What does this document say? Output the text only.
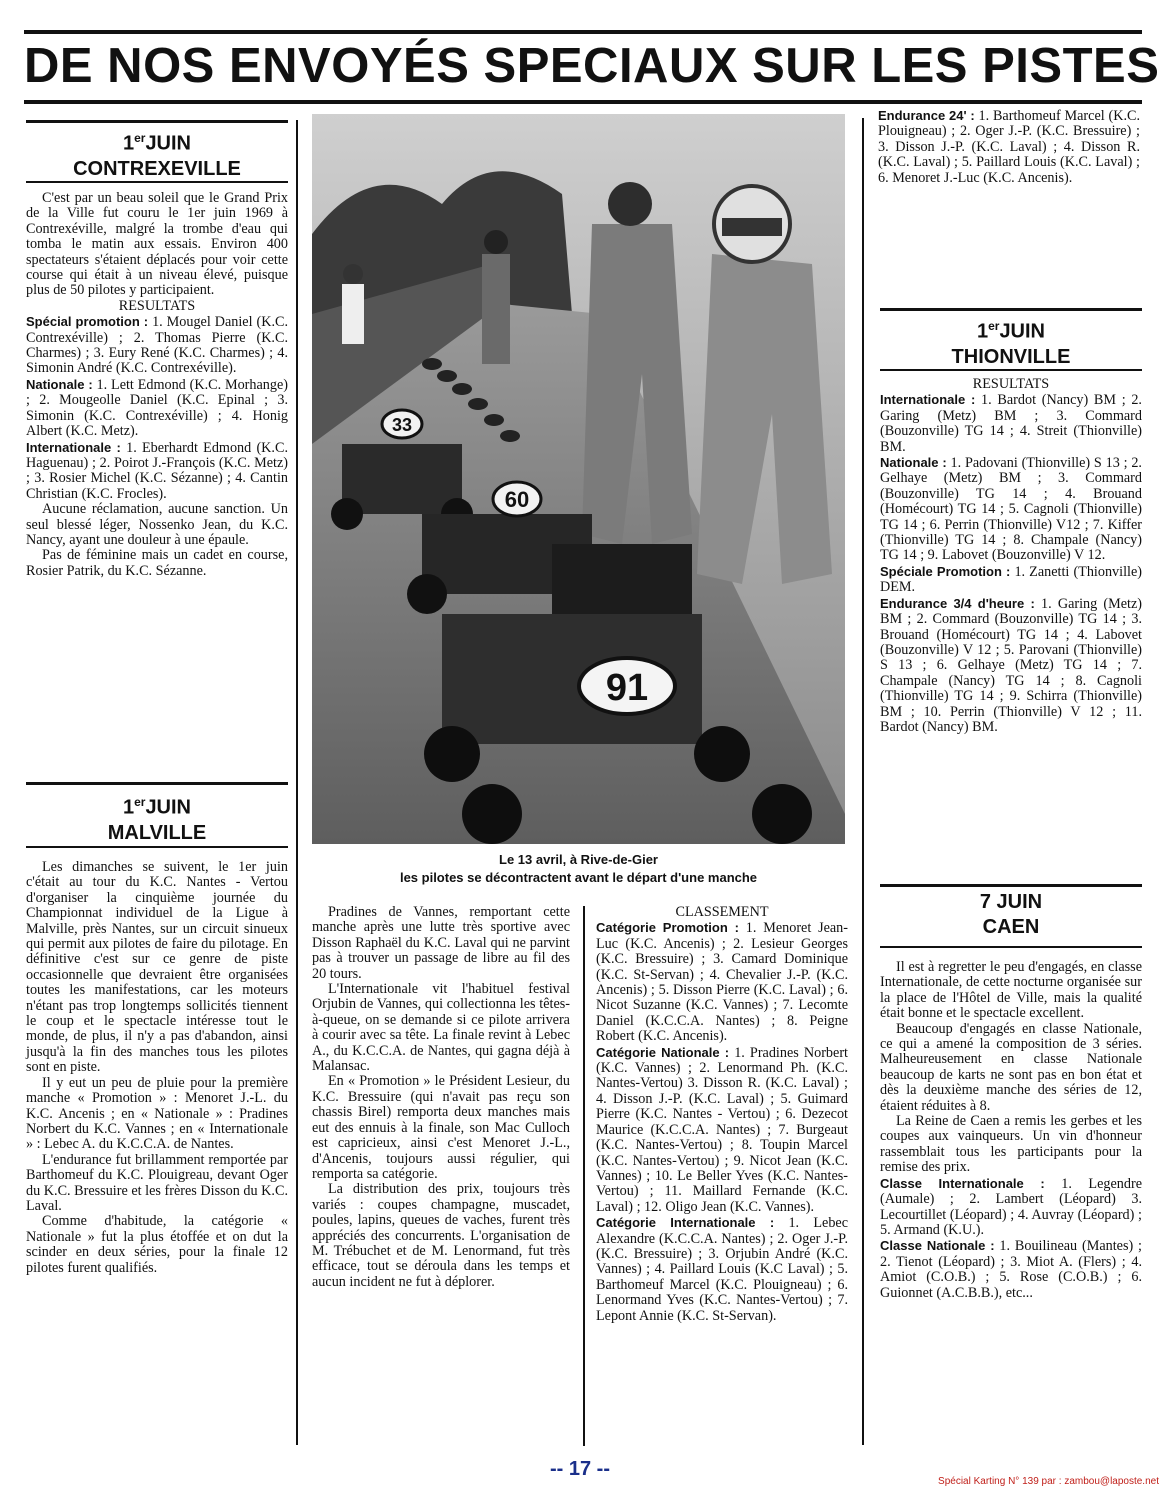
DE NOS ENVOYÉS SPECIAUX SUR LES PISTES
1erJUIN
CONTREXEVILLE

C'est par un beau soleil que le Grand Prix de la Ville fut couru le 1er juin 1969 à Contrexéville, malgré la trombe d'eau qui tomba le matin aux essais. Environ 400 spectateurs s'étaient déplacés pour voir cette course qui était à un niveau élevé, puisque plus de 50 pilotes y participaient.

RESULTATS

Spécial promotion : 1. Mougel Daniel (K.C. Contrexéville) ; 2. Thomas Pierre (K.C. Charmes) ; 3. Eury René (K.C. Charmes) ; 4. Simonin André (K.C. Contrexéville).

Nationale : 1. Lett Edmond (K.C. Morhange) ; 2. Mougeolle Daniel (K.C. Epinal ; 3. Simonin (K.C. Contrexéville) ; 4. Honig Albert (K.C. Metz).

Internationale : 1. Eberhardt Edmond (K.C. Haguenau) ; 2. Poirot J.-François (K.C. Metz) ; 3. Rosier Michel (K.C. Sézanne) ; 4. Cantin Christian (K.C. Frocles).

Aucune réclamation, aucune sanction. Un seul blessé léger, Nossenko Jean, du K.C. Nancy, ayant une douleur à une épaule.

Pas de féminine mais un cadet en course, Rosier Patrik, du K.C. Sézanne.

1erJUIN
MALVILLE

Les dimanches se suivent, le 1er juin c'était au tour du K.C. Nantes - Vertou d'organiser la cinquième journée du Championnat individuel de la Ligue à Malville, près Nantes, sur un circuit sinueux qui permit aux pilotes de faire du pilotage. En définitive c'est sur ce genre de piste occasionnelle que devraient être organisées toutes les manifestations, car les moteurs n'étant pas trop longtemps sollicités tiennent le coup et le spectacle intéresse tout le monde, de plus, il n'y a pas d'abandon, ainsi jusqu'à la fin des manches tous les pilotes sont en piste.

Il y eut un peu de pluie pour la première manche « Promotion » : Menoret J.-L. du K.C. Ancenis ; en « Nationale » : Pradines Norbert du K.C. Vannes ; en « Internationale » : Lebec A. du K.C.C.A. de Nantes.

L'endurance fut brillamment remportée par Barthomeuf du K.C. Plouigreau, devant Oger du K.C. Bressuire et les frères Disson du K.C. Laval.

Comme d'habitude, la catégorie « Nationale » fut la plus étoffée et on dut la scinder en deux séries, pour la finale 12 pilotes furent qualifiés.

33
60
91
Le 13 avril, à Rive-de-Gier
les pilotes se décontractent avant le départ d'une manche

Pradines de Vannes, remportant cette manche après une lutte très sportive avec Disson Raphaël du K.C. Laval qui ne parvint pas à trouver un passage de libre au fil des 20 tours.

L'Internationale vit l'habituel festival Orjubin de Vannes, qui collectionna les têtes-à-queue, on se demande si ce pilote arrivera à courir avec sa tête. La finale revint à Lebec A., du K.C.C.A. de Nantes, qui gagna déjà à Malansac.

En « Promotion » le Président Lesieur, du K.C. Bressuire (qui n'avait pas reçu son chassis Birel) remporta deux manches mais eut des ennuis à la finale, son Mac Culloch est capricieux, ainsi c'est Menoret J.-L., d'Ancenis, toujours aussi régulier, qui remporta sa catégorie.

La distribution des prix, toujours très variés : coupes champagne, muscadet, poules, lapins, queues de vaches, furent très appréciés des concurrents. L'organisation de M. Trébuchet et de M. Lenormand, fut très efficace, tout se déroula dans les temps et aucun incident ne fut à déplorer.

CLASSEMENT

Catégorie Promotion : 1. Menoret Jean-Luc (K.C. Ancenis) ; 2. Lesieur Georges (K.C. Bressuire) ; 3. Camard Dominique (K.C. St-Servan) ; 4. Chevalier J.-P. (K.C. Ancenis) ; 5. Disson Pierre (K.C. Laval) ; 6. Nicot Suzanne (K.C. Vannes) ; 7. Lecomte Daniel (K.C.C.A. Nantes) ; 8. Peigne Robert (K.C. Ancenis).

Catégorie Nationale : 1. Pradines Norbert (K.C. Vannes) ; 2. Lenormand Ph. (K.C. Nantes-Vertou) 3. Disson R. (K.C. Laval) ; 4. Disson J.-P. (K.C. Laval) ; 5. Guimard Pierre (K.C. Nantes - Vertou) ; 6. Dezecot Maurice (K.C.C.A. Nantes) ; 7. Burgeaut (K.C. Nantes-Vertou) ; 8. Toupin Marcel (K.C. Nantes-Vertou) ; 9. Nicot Jean (K.C. Vannes) ; 10. Le Beller Yves (K.C. Nantes-Vertou) ; 11. Maillard Fernande (K.C. Laval) ; 12. Oligo Jean (K.C. Vannes).

Catégorie Internationale : 1. Lebec Alexandre (K.C.C.A. Nantes) ; 2. Oger J.-P. (K.C. Bressuire) ; 3. Orjubin André (K.C. Vannes) ; 4. Paillard Louis (K.C Laval) ; 5. Barthomeuf Marcel (K.C. Plouigneau) ; 6. Lenormand Yves (K.C. Nantes-Vertou) ; 7. Lepont Annie (K.C. St-Servan).

Endurance 24' : 1. Barthomeuf Marcel (K.C. Plouigneau) ; 2. Oger J.-P. (K.C. Bressuire) ; 3. Disson J.-P. (K.C. Laval) ; 4. Disson R. (K.C. Laval) ; 5. Paillard Louis (K.C. Laval) ; 6. Menoret J.-Luc (K.C. Ancenis).

1erJUIN
THIONVILLE

RESULTATS

Internationale : 1. Bardot (Nancy) BM ; 2. Garing (Metz) BM ; 3. Commard (Bouzonville) TG 14 ; 4. Streit (Thionville) BM.

Nationale : 1. Padovani (Thionville) S 13 ; 2. Gelhaye (Metz) BM ; 3. Commard (Bouzonville) TG 14 ; 4. Brouand (Homécourt) TG 14 ; 5. Cagnoli (Thionville) TG 14 ; 6. Perrin (Thionville) V12 ; 7. Kiffer (Thionville) TG 14 ; 8. Champale (Nancy) TG 14 ; 9. Labovet (Bouzonville) V 12.

Spéciale Promotion : 1. Zanetti (Thionville) DEM.

Endurance 3/4 d'heure : 1. Garing (Metz) BM ; 2. Commard (Bouzonville) TG 14 ; 3. Brouand (Homécourt) TG 14 ; 4. Labovet (Bouzonville) V 12 ; 5. Parovani (Thionville) S 13 ; 6. Gelhaye (Metz) TG 14 ; 7. Champale (Nancy) TG 14 ; 8. Cagnoli (Thionville) TG 14 ; 9. Schirra (Thionville) BM ; 10. Perrin (Thionville) V 12 ; 11. Bardot (Nancy) BM.

7 JUIN
CAEN

Il est à regretter le peu d'engagés, en classe Internationale, de cette nocturne organisée sur la place de l'Hôtel de Ville, mais la qualité était bonne et le spectacle excellent.

Beaucoup d'engagés en classe Nationale, ce qui a amené la composition de 3 séries. Malheureusement en classe Nationale beaucoup de karts ne sont pas en bon état et dès la deuxième manche des séries de 12, étaient réduites à 8.

La Reine de Caen a remis les gerbes et les coupes aux vainqueurs. Un vin d'honneur rassemblait tous les participants pour la remise des prix.

Classe Internationale : 1. Legendre (Aumale) ; 2. Lambert (Léopard) 3. Lecourtillet (Léopard) ; 4. Auvray (Léopard) ; 5. Armand (K.U.).

Classe Nationale : 1. Bouilineau (Mantes) ; 2. Tienot (Léopard) ; 3. Miot A. (Flers) ; 4. Amiot (C.O.B.) ; 5. Rose (C.O.B.) ; 6. Guionnet (A.C.B.B.), etc...

-- 17 --
Spécial Karting N° 139 par : zambou@laposte.net
